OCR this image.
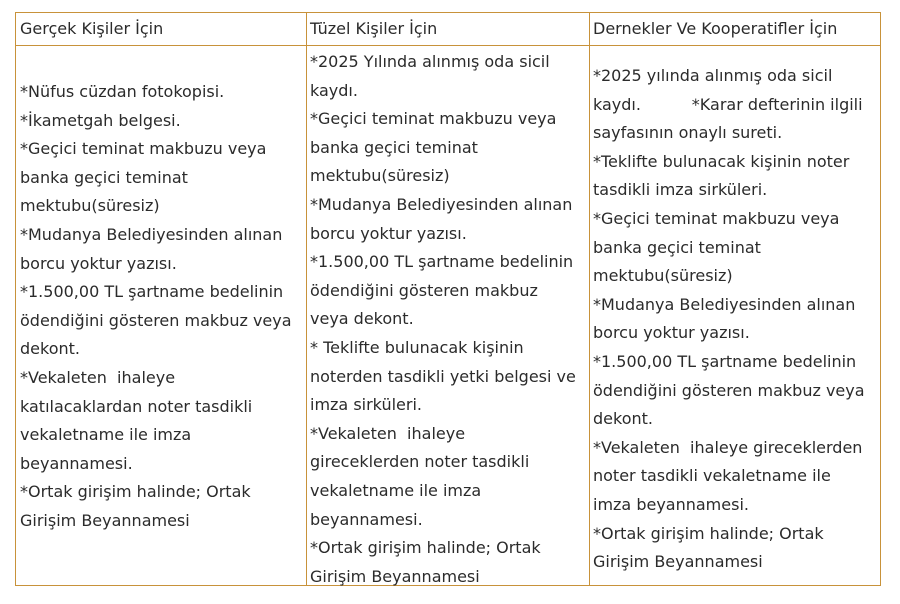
Gerçek Kişiler İçin
*Nüfus cüzdan fotokopisi.
*İkametgah belgesi.
*Geçici teminat makbuzu veya
banka geçici teminat
mektubu(süresiz)
*Mudanya Belediyesinden alınan
borcu yoktur yazısı.
*1.500,00 TL şartname bedelinin
ödendiğini gösteren makbuz veya
dekont.
*Vekaleten  ihaleye
katılacaklardan noter tasdikli
vekaletname ile imza
beyannamesi.
*Ortak girişim halinde; Ortak
Girişim Beyannamesi
Tüzel Kişiler İçin
*2025 Yılında alınmış oda sicil
kaydı.
*Geçici teminat makbuzu veya
banka geçici teminat
mektubu(süresiz)
*Mudanya Belediyesinden alınan
borcu yoktur yazısı.
*1.500,00 TL şartname bedelinin
ödendiğini gösteren makbuz
veya dekont.
* Teklifte bulunacak kişinin
noterden tasdikli yetki belgesi ve
imza sirküleri.
*Vekaleten  ihaleye
gireceklerden noter tasdikli
vekaletname ile imza
beyannamesi.
*Ortak girişim halinde; Ortak
Girişim Beyannamesi
Dernekler Ve Kooperatifler İçin
*2025 yılında alınmış oda sicil
kaydı.          *Karar defterinin ilgili
sayfasının onaylı sureti.
*Teklifte bulunacak kişinin noter
tasdikli imza sirküleri.
*Geçici teminat makbuzu veya
banka geçici teminat
mektubu(süresiz)
*Mudanya Belediyesinden alınan
borcu yoktur yazısı.
*1.500,00 TL şartname bedelinin
ödendiğini gösteren makbuz veya
dekont.
*Vekaleten  ihaleye gireceklerden
noter tasdikli vekaletname ile
imza beyannamesi.
*Ortak girişim halinde; Ortak
Girişim Beyannamesi
